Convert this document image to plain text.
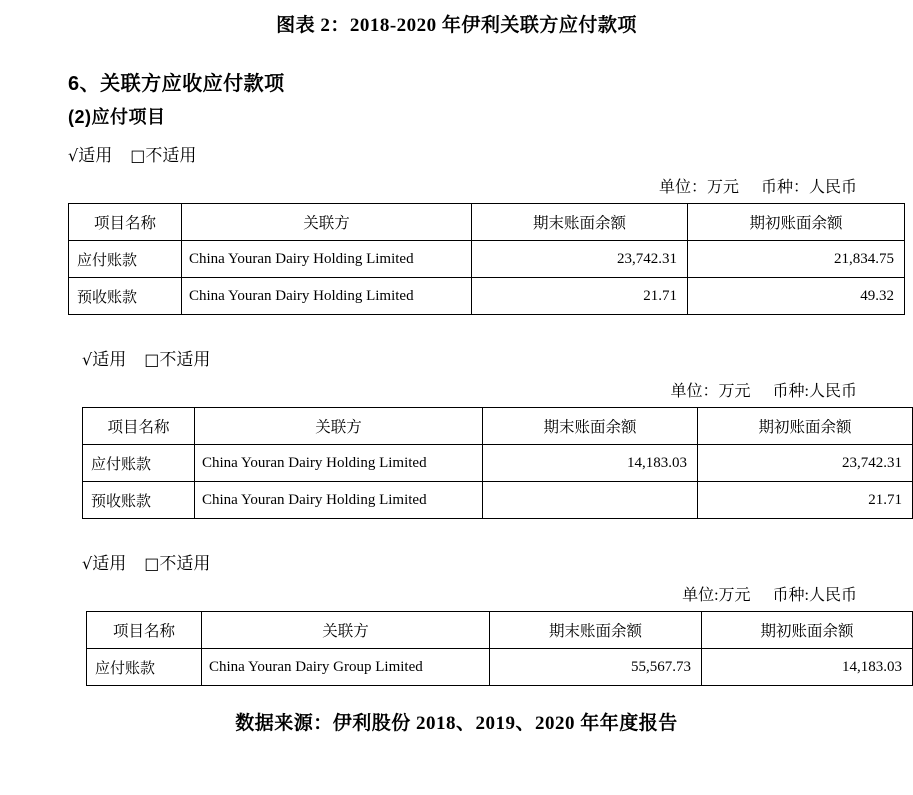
图表 2：2018-2020 年伊利关联方应付款项
6、关联方应收应付款项
(2)应付项目
√适用 □不适用
单位：万元 币种：人民币
项目名称	关联方	期末账面余额	期初账面余额
应付账款	China Youran Dairy Holding Limited	23,742.31	21,834.75
预收账款	China Youran Dairy Holding Limited	21.71	49.32
√适用 □不适用
单位：万元 币种:人民币
项目名称	关联方	期末账面余额	期初账面余额
应付账款	China Youran Dairy Holding Limited	14,183.03	23,742.31
预收账款	China Youran Dairy Holding Limited		21.71
√适用 □不适用
单位:万元 币种:人民币
项目名称	关联方	期末账面余额	期初账面余额
应付账款	China Youran Dairy Group Limited	55,567.73	14,183.03
数据来源：伊利股份 2018、2019、2020 年年度报告
